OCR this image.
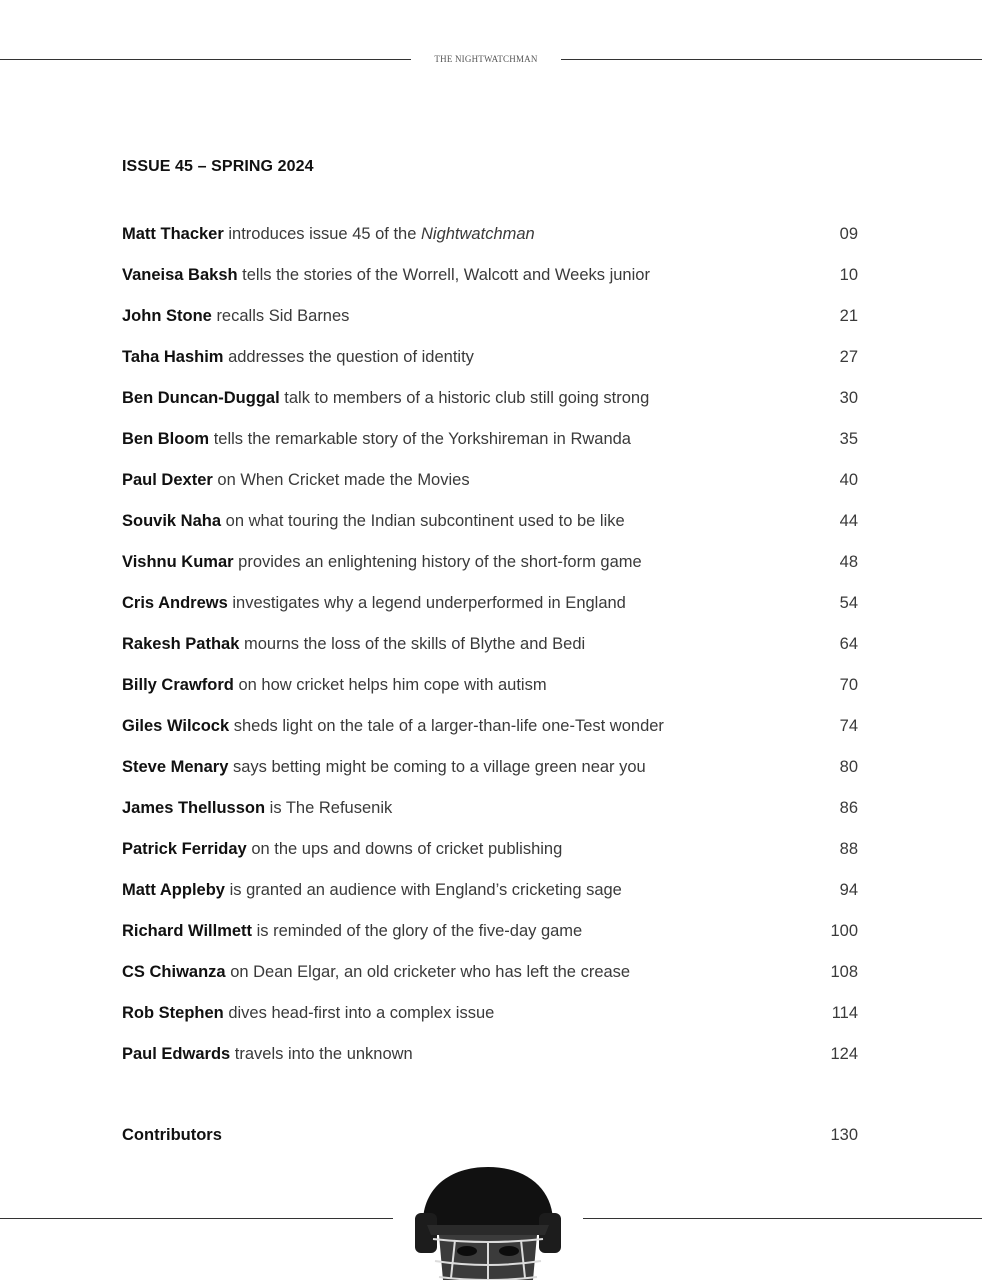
THE NIGHTWATCHMAN
ISSUE 45 – SPRING 2024
Matt Thacker introduces issue 45 of the Nightwatchman	09
Vaneisa Baksh tells the stories of the Worrell, Walcott and Weeks junior	10
John Stone recalls Sid Barnes	21
Taha Hashim addresses the question of identity	27
Ben Duncan-Duggal talk to members of a historic club still going strong	30
Ben Bloom tells the remarkable story of the Yorkshireman in Rwanda	35
Paul Dexter on When Cricket made the Movies	40
Souvik Naha on what touring the Indian subcontinent used to be like	44
Vishnu Kumar provides an enlightening history of the short-form game	48
Cris Andrews investigates why a legend underperformed in England	54
Rakesh Pathak mourns the loss of the skills of Blythe and Bedi	64
Billy Crawford on how cricket helps him cope with autism	70
Giles Wilcock sheds light on the tale of a larger-than-life one-Test wonder	74
Steve Menary says betting might be coming to a village green near you	80
James Thellusson is The Refusenik	86
Patrick Ferriday on the ups and downs of cricket publishing	88
Matt Appleby is granted an audience with England’s cricketing sage	94
Richard Willmett is reminded of the glory of the five-day game	100
CS Chiwanza on Dean Elgar, an old cricketer who has left the crease	108
Rob Stephen dives head-first into a complex issue	114
Paul Edwards travels into the unknown	124
Contributors	130
